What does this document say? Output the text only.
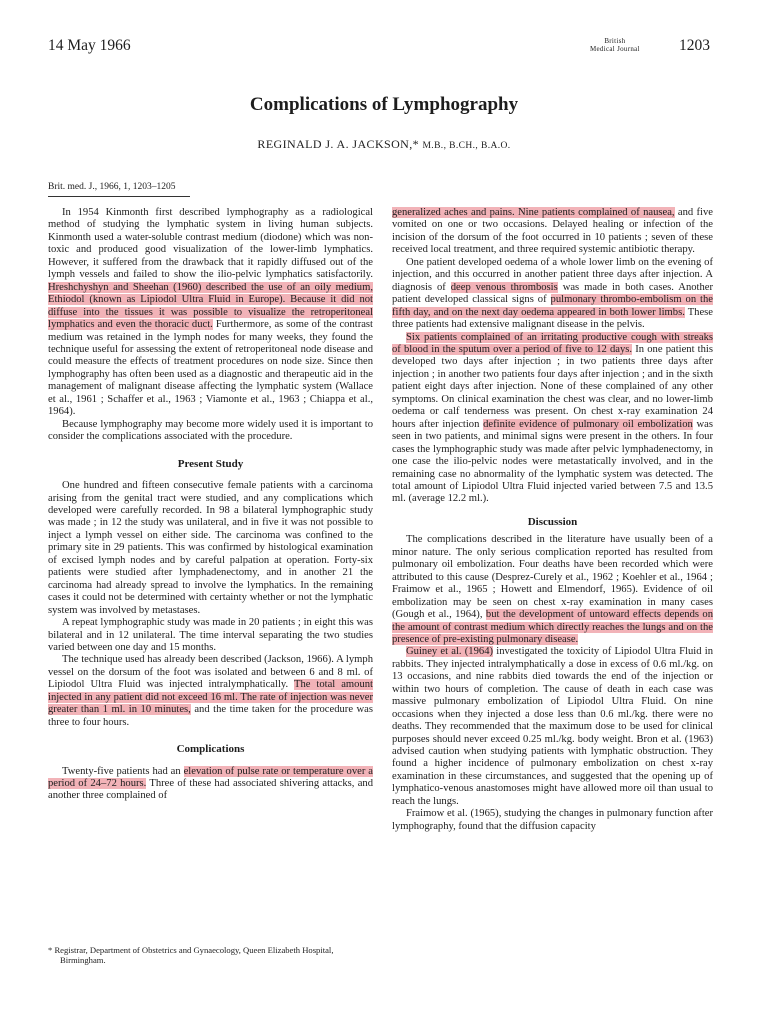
14 May 1966	British
Medical Journal	1203
Complications of Lymphography
REGINALD J. A. JACKSON,* M.B., B.CH., B.A.O.
Brit. med. J., 1966, 1, 1203–1205

In 1954 Kinmonth first described lymphography as a radiological method of studying the lymphatic system in living human subjects. Kinmonth used a water-soluble contrast medium (diodone) which was non-toxic and produced good visualization of the lower-limb lymphatics. However, it suffered from the drawback that it rapidly diffused out of the lymph vessels and failed to show the ilio-pelvic lymphatics satisfactorily. Hreshchyshyn and Sheehan (1960) described the use of an oily medium, Ethiodol (known as Lipiodol Ultra Fluid in Europe). Because it did not diffuse into the tissues it was possible to visualize the retroperitoneal lymphatics and even the thoracic duct. Furthermore, as some of the contrast medium was retained in the lymph nodes for many weeks, they found the technique useful for assessing the extent of retroperitoneal node disease and could measure the effects of treatment procedures on node size. Since then lymphography has often been used as a diagnostic and therapeutic aid in the management of malignant disease affecting the lymphatic system (Wallace et al., 1961 ; Schaffer et al., 1963 ; Viamonte et al., 1963 ; Chiappa et al., 1964).

Because lymphography may become more widely used it is important to consider the complications associated with the procedure.

Present Study

One hundred and fifteen consecutive female patients with a carcinoma arising from the genital tract were studied, and any complications which developed were carefully recorded. In 98 a bilateral lymphographic study was made ; in 12 the study was unilateral, and in five it was not possible to inject a lymph vessel on either side. The carcinoma was confined to the primary site in 29 patients. This was confirmed by histological examination of excised lymph nodes and by careful palpation at operation. Forty-six patients were studied after lymphadenectomy, and in another 21 the carcinoma had already spread to involve the lymphatics. In the remaining cases it could not be determined with certainty whether or not the lymphatic system was involved by metastases.

A repeat lymphographic study was made in 20 patients ; in eight this was bilateral and in 12 unilateral. The time interval separating the two studies varied between one day and 15 months.

The technique used has already been described (Jackson, 1966). A lymph vessel on the dorsum of the foot was isolated and between 6 and 8 ml. of Lipiodol Ultra Fluid was injected intralymphatically. The total amount injected in any patient did not exceed 16 ml. The rate of injection was never greater than 1 ml. in 10 minutes, and the time taken for the procedure was three to four hours.

Complications

Twenty-five patients had an elevation of pulse rate or temperature over a period of 24–72 hours. Three of these had associated shivering attacks, and another three complained of

* Registrar, Department of Obstetrics and Gynaecology, Queen Elizabeth Hospital, Birmingham.

generalized aches and pains. Nine patients complained of nausea, and five vomited on one or two occasions. Delayed healing or infection of the incision of the dorsum of the foot occurred in 10 patients ; seven of these received local treatment, and three required systemic antibiotic therapy.

One patient developed oedema of a whole lower limb on the evening of injection, and this occurred in another patient three days after injection. A diagnosis of deep venous thrombosis was made in both cases. Another patient developed classical signs of pulmonary thrombo-embolism on the fifth day, and on the next day oedema appeared in both lower limbs. These three patients had extensive malignant disease in the pelvis.

Six patients complained of an irritating productive cough with streaks of blood in the sputum over a period of five to 12 days. In one patient this developed two days after injection ; in two patients three days after injection ; in another two patients four days after injection ; and in the sixth patient eight days after injection. None of these complained of any other symptoms. On clinical examination the chest was clear, and no lower-limb oedema or calf tenderness was present. On chest x-ray examination 24 hours after injection definite evidence of pulmonary oil embolization was seen in two patients, and minimal signs were present in the others. In four cases the lymphographic study was made after pelvic lymphadenectomy, in one case the ilio-pelvic nodes were metastatically involved, and in the remaining case no abnormality of the lymphatic system was detected. The total amount of Lipiodol Ultra Fluid injected varied between 7.5 and 13.5 ml. (average 12.2 ml.).

Discussion

The complications described in the literature have usually been of a minor nature. The only serious complication reported has resulted from pulmonary oil embolization. Four deaths have been recorded which were attributed to this cause (Desprez-Curely et al., 1962 ; Koehler et al., 1964 ; Fraimow et al., 1965 ; Howett and Elmendorf, 1965). Evidence of oil embolization may be seen on chest x-ray examination in many cases (Gough et al., 1964), but the development of untoward effects depends on the amount of contrast medium which directly reaches the lungs and on the presence of pre-existing pulmonary disease.

Guiney et al. (1964) investigated the toxicity of Lipiodol Ultra Fluid in rabbits. They injected intralymphatically a dose in excess of 0.6 ml./kg. on 13 occasions, and nine rabbits died towards the end of the injection or within two hours of completion. The cause of death in each case was massive pulmonary embolization of Lipiodol Ultra Fluid. On nine occasions when they injected a dose less than 0.6 ml./kg. there were no deaths. They recommended that the maximum dose to be used for clinical purposes should never exceed 0.25 ml./kg. body weight. Bron et al. (1963) advised caution when studying patients with lymphatic obstruction. They found a higher incidence of pulmonary embolization on chest x-ray examination in these circumstances, and suggested that the opening up of lymphatico-venous anastomoses might have allowed more oil than usual to reach the lungs.

Fraimow et al. (1965), studying the changes in pulmonary function after lymphography, found that the diffusion capacity
